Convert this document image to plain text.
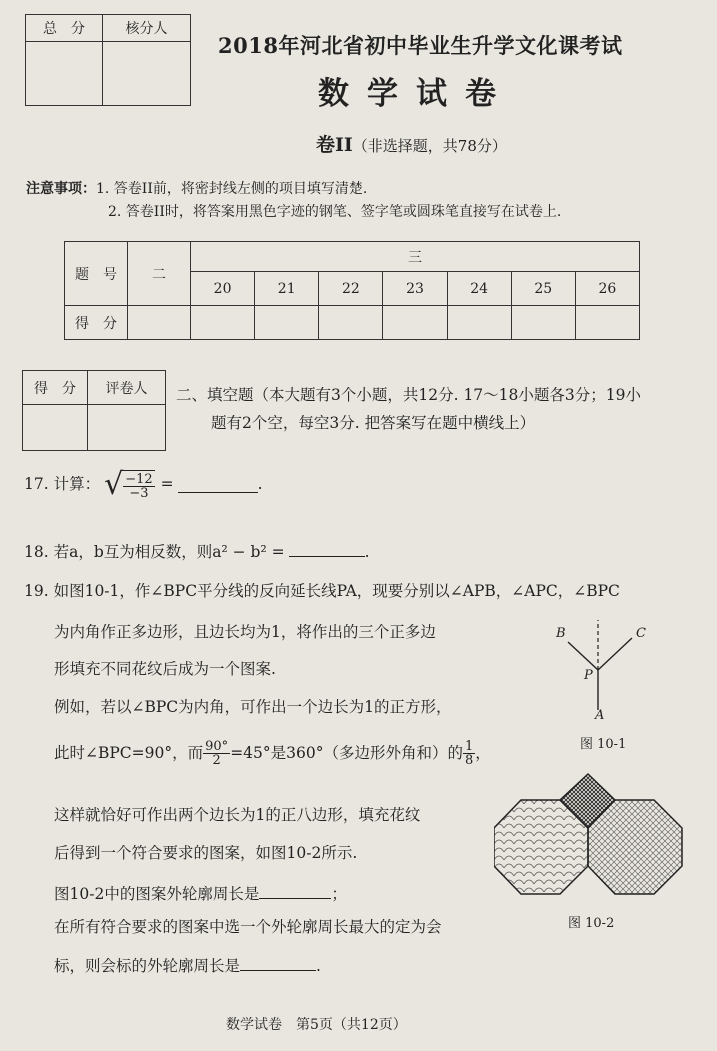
总　分	核分人

2018年河北省初中毕业生升学文化课考试
数学试卷
卷II（非选择题，共78分）
注意事项：1. 答卷II前，将密封线左侧的项目填写清楚.
2. 答卷II时，将答案用黑色字迹的钢笔、签字笔或圆珠笔直接写在试卷上.
题　号	二	三						
		20	21	22	23	24	25	26
得　分								
得　分	评卷人
	二、填空题（本大题有3个小题，共12分. 17～18小题各3分；19小
题有2个空，每空3分. 把答案写在题中横线上）
17. 计算： √ $\frac{-12}{-3}$ =	.
18. 若a，b互为相反数，则a² − b² =	.
19. 如图10-1，作∠BPC平分线的反向延长线PA，现要分别以∠APB，∠APC，∠BPC
为内角作正多边形，且边长均为1，将作出的三个正多边
形填充不同花纹后成为一个图案.
例如，若以∠BPC为内角，可作出一个边长为1的正方形，
此时∠BPC=90°，而 $\frac{90^\circ}{2} =45^\circ$是360°（多边形外角和）的 $\frac{1}{8}$ ，
这样就恰好可作出两个边长为1的正八边形，填充花纹
后得到一个符合要求的图案，如图10-2所示.
图10-2中的图案外轮廓周长是	；
在所有符合要求的图案中选一个外轮廓周长最大的定为会
标，则会标的外轮廓周长是	.
B	C
P
A
图 10-1
图 10-2
数学试卷　第5页（共12页）
